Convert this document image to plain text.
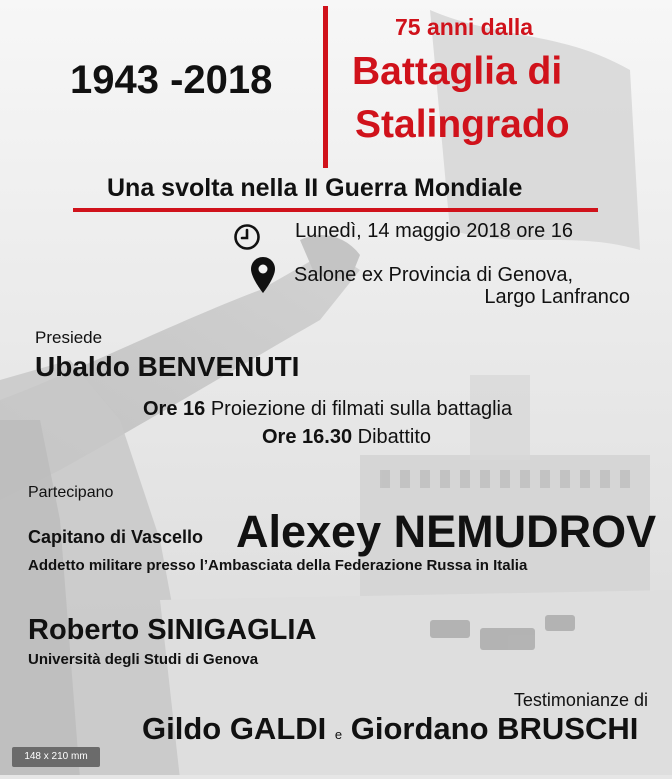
1943 -2018
75 anni dalla
Battaglia di
Stalingrado
Una svolta nella II Guerra Mondiale
Lunedì, 14 maggio 2018 ore 16
Salone ex Provincia di Genova,
Largo Lanfranco
Presiede
Ubaldo BENVENUTI
Ore 16 Proiezione di filmati sulla battaglia
Ore 16.30 Dibattito
Partecipano
Capitano di Vascello Alexey NEMUDROV
Addetto militare presso l’Ambasciata della Federazione Russa in Italia
Roberto SINIGAGLIA
Università degli Studi di Genova
Testimonianze di
Gildo GALDI e Giordano BRUSCHI
148 x 210 mm
